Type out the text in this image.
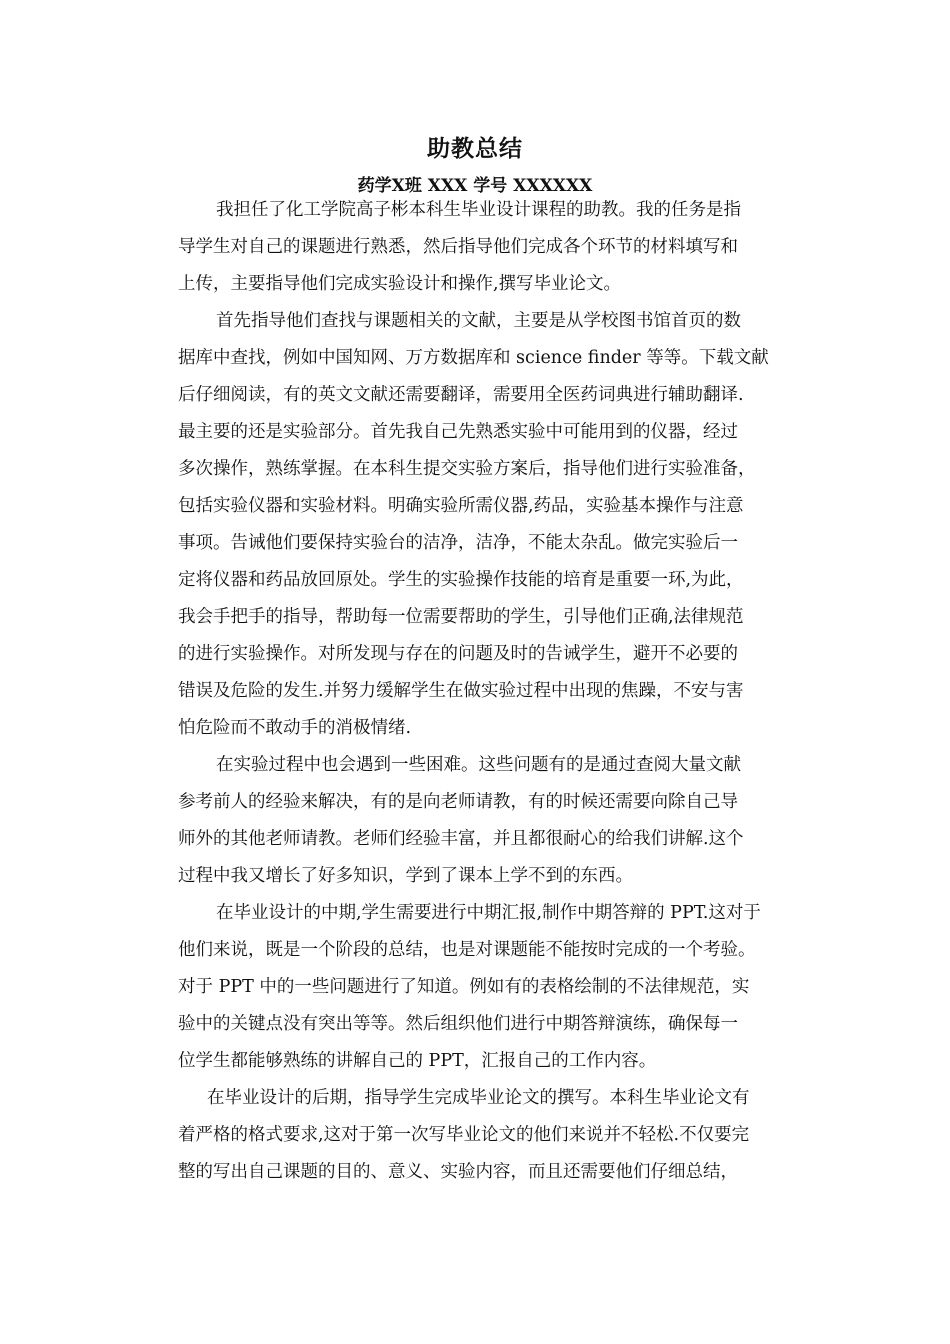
助教总结
药学X班 XXX 学号 XXXXXX
我担任了化工学院高子彬本科生毕业设计课程的助教。我的任务是指
导学生对自己的课题进行熟悉，然后指导他们完成各个环节的材料填写和
上传，主要指导他们完成实验设计和操作,撰写毕业论文。
首先指导他们查找与课题相关的文献，主要是从学校图书馆首页的数
据库中查找，例如中国知网、万方数据库和 science finder 等等。下载文献
后仔细阅读，有的英文文献还需要翻译，需要用全医药词典进行辅助翻译.
最主要的还是实验部分。首先我自己先熟悉实验中可能用到的仪器，经过
多次操作，熟练掌握。在本科生提交实验方案后，指导他们进行实验准备，
包括实验仪器和实验材料。明确实验所需仪器,药品，实验基本操作与注意
事项。告诫他们要保持实验台的洁净，洁净，不能太杂乱。做完实验后一
定将仪器和药品放回原处。学生的实验操作技能的培育是重要一环,为此，
我会手把手的指导，帮助每一位需要帮助的学生，引导他们正确,法律规范
的进行实验操作。对所发现与存在的问题及时的告诫学生，避开不必要的
错误及危险的发生.并努力缓解学生在做实验过程中出现的焦躁，不安与害
怕危险而不敢动手的消极情绪.
在实验过程中也会遇到一些困难。这些问题有的是通过查阅大量文献
参考前人的经验来解决，有的是向老师请教，有的时候还需要向除自己导
师外的其他老师请教。老师们经验丰富，并且都很耐心的给我们讲解.这个
过程中我又增长了好多知识，学到了课本上学不到的东西。
在毕业设计的中期,学生需要进行中期汇报,制作中期答辩的 PPT.这对于
他们来说，既是一个阶段的总结，也是对课题能不能按时完成的一个考验。
对于 PPT 中的一些问题进行了知道。例如有的表格绘制的不法律规范，实
验中的关键点没有突出等等。然后组织他们进行中期答辩演练，确保每一
位学生都能够熟练的讲解自己的 PPT，汇报自己的工作内容。
在毕业设计的后期，指导学生完成毕业论文的撰写。本科生毕业论文有
着严格的格式要求,这对于第一次写毕业论文的他们来说并不轻松.不仅要完
整的写出自己课题的目的、意义、实验内容，而且还需要他们仔细总结，
